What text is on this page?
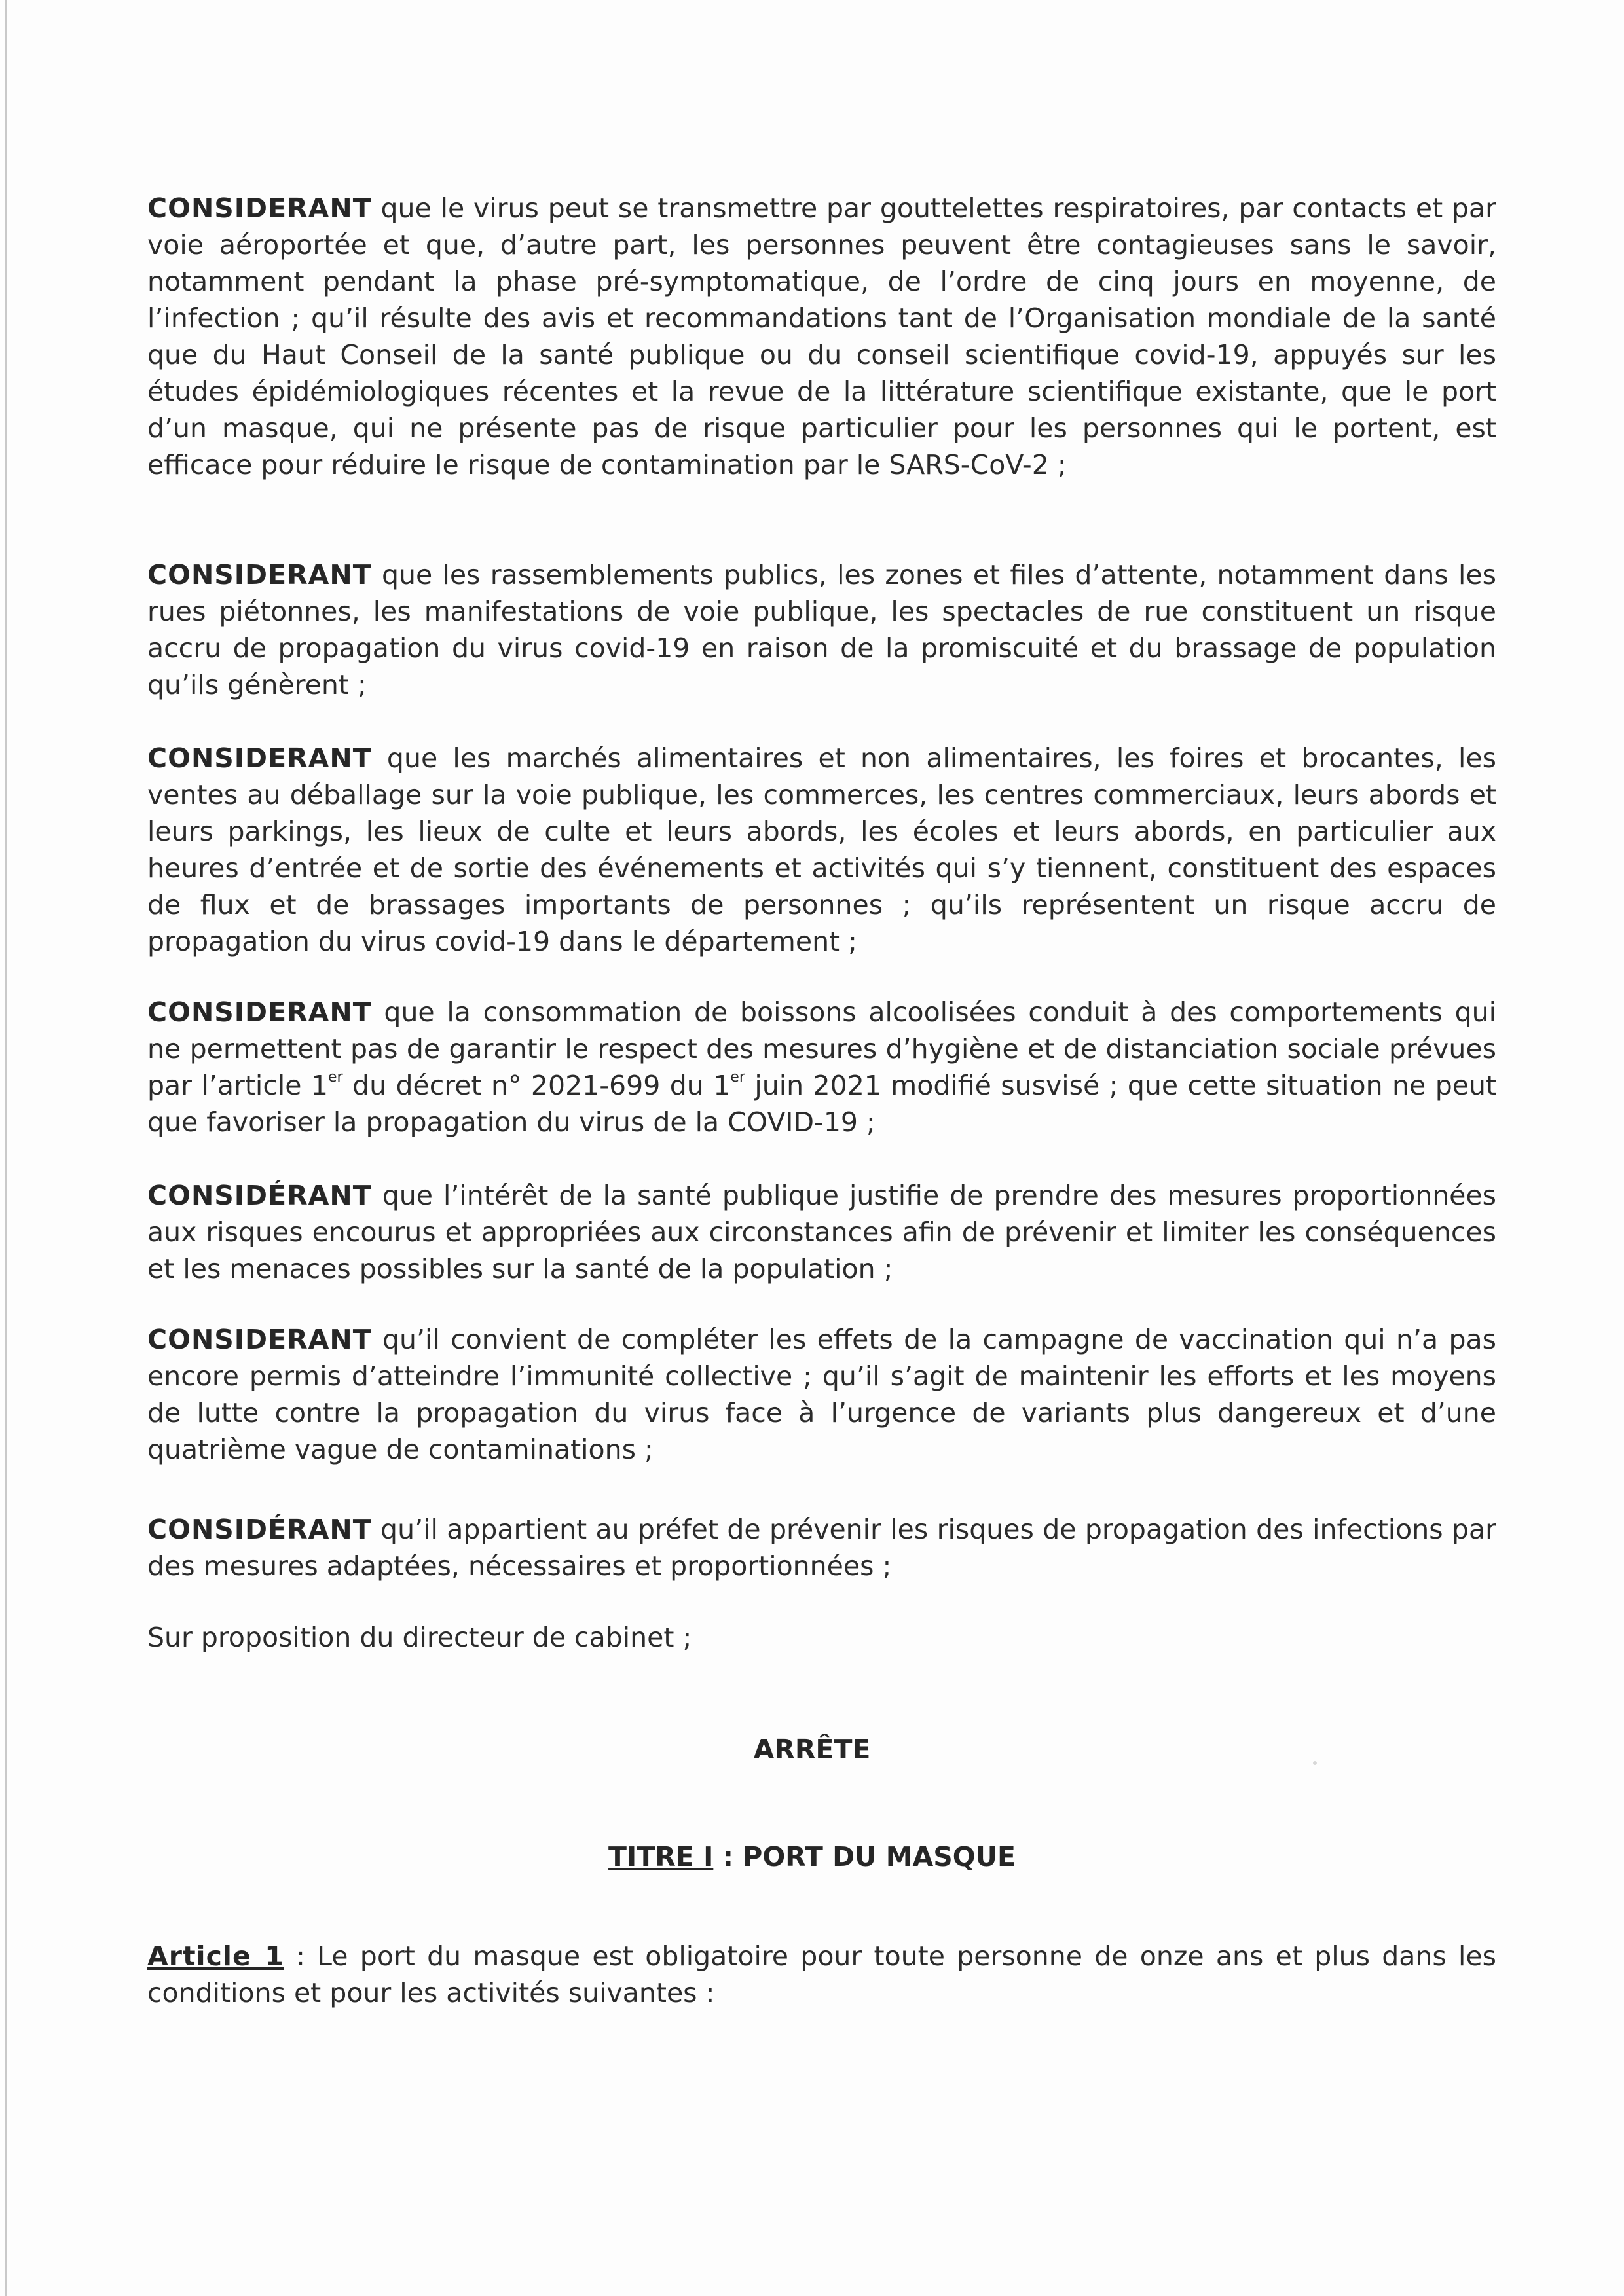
CONSIDERANT que le virus peut se transmettre par gouttelettes respiratoires, par contacts et par voie aéroportée et que, d’autre part, les personnes peuvent être contagieuses sans le savoir, notamment pendant la phase pré-symptomatique, de l’ordre de cinq jours en moyenne, de l’infection ; qu’il résulte des avis et recommandations tant de l’Organisation mondiale de la santé que du Haut Conseil de la santé publique ou du conseil scientifique covid-19, appuyés sur les études épidémiologiques récentes et la revue de la littérature scientifique existante, que le port d’un masque, qui ne présente pas de risque particulier pour les personnes qui le portent, est efficace pour réduire le risque de contamination par le SARS-CoV-2 ;

CONSIDERANT que les rassemblements publics, les zones et files d’attente, notamment dans les rues piétonnes, les manifestations de voie publique, les spectacles de rue constituent un risque accru de propagation du virus covid-19 en raison de la promiscuité et du brassage de population qu’ils génèrent ;

CONSIDERANT que les marchés alimentaires et non alimentaires, les foires et brocantes, les ventes au déballage sur la voie publique, les commerces, les centres commerciaux, leurs abords et leurs parkings, les lieux de culte et leurs abords, les écoles et leurs abords, en particulier aux heures d’entrée et de sortie des événements et activités qui s’y tiennent, constituent des espaces de flux et de brassages importants de personnes ; qu’ils représentent un risque accru de propagation du virus covid-19 dans le département ;

CONSIDERANT que la consommation de boissons alcoolisées conduit à des comportements qui ne permettent pas de garantir le respect des mesures d’hygiène et de distanciation sociale prévues par l’article 1er du décret n° 2021-699 du 1er juin 2021 modifié susvisé ; que cette situation ne peut que favoriser la propagation du virus de la COVID-19 ;

CONSIDÉRANT que l’intérêt de la santé publique justifie de prendre des mesures proportionnées aux risques encourus et appropriées aux circonstances afin de prévenir et limiter les conséquences et les menaces possibles sur la santé de la population ;

CONSIDERANT qu’il convient de compléter les effets de la campagne de vaccination qui n’a pas encore permis d’atteindre l’immunité collective ; qu’il s’agit de maintenir les efforts et les moyens de lutte contre la propagation du virus face à l’urgence de variants plus dangereux et d’une quatrième vague de contaminations ;

CONSIDÉRANT qu’il appartient au préfet de prévenir les risques de propagation des infections par des mesures adaptées, nécessaires et proportionnées ;

Sur proposition du directeur de cabinet ;

ARRÊTE

TITRE I : PORT DU MASQUE

Article 1 : Le port du masque est obligatoire pour toute personne de onze ans et plus dans les conditions et pour les activités suivantes :
